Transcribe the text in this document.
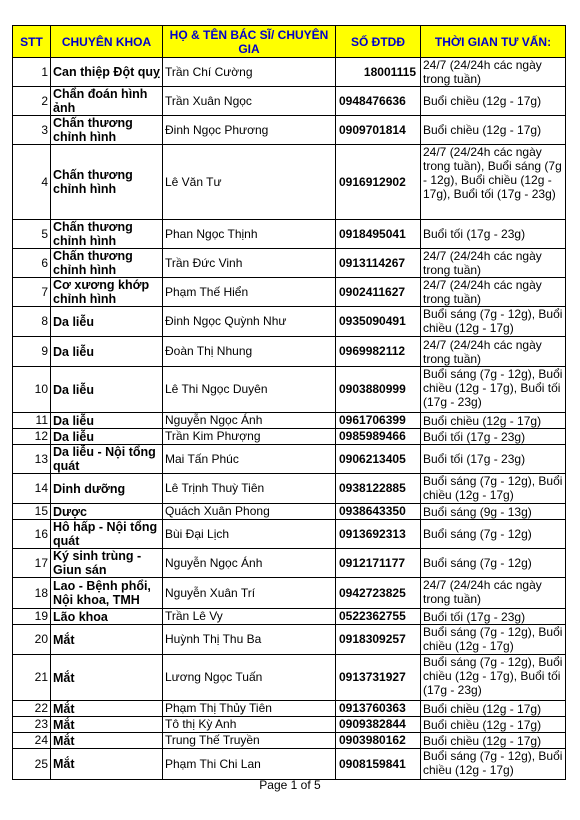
STT	CHUYÊN KHOA	HỌ & TÊN BÁC SĨ/ CHUYÊN GIA	SỐ ĐTDĐ	THỜI GIAN TƯ VẤN:
1	Can thiệp Đột quỵ	Trần Chí Cường	18001115	24/7 (24/24h các ngày trong tuần)
2	Chẩn đoán hình ảnh	Trần Xuân Ngọc	0948476636	Buổi chiều (12g - 17g)
3	Chấn thương chỉnh hình	Đinh Ngọc Phương	0909701814	Buổi chiều (12g - 17g)
4	Chấn thương chỉnh hình	Lê Văn Tư	0916912902	24/7 (24/24h các ngày trong tuần), Buổi sáng (7g - 12g), Buổi chiều (12g - 17g), Buổi tối (17g - 23g)
5	Chấn thương chỉnh hình	Phan Ngọc Thịnh	0918495041	Buổi tối (17g - 23g)
6	Chấn thương chỉnh hình	Trần Đức Vinh	0913114267	24/7 (24/24h các ngày trong tuần)
7	Cơ xương khớp chỉnh hình	Phạm Thế Hiển	0902411627	24/7 (24/24h các ngày trong tuần)
8	Da liễu	Đinh Ngọc Quỳnh Như	0935090491	Buổi sáng (7g - 12g), Buổi chiều (12g - 17g)
9	Da liễu	Đoàn Thị Nhung	0969982112	24/7 (24/24h các ngày trong tuần)
10	Da liễu	Lê Thi Ngọc Duyên	0903880999	Buổi sáng (7g - 12g), Buổi chiều (12g - 17g), Buổi tối (17g - 23g)
11	Da liễu	Nguyễn Ngọc Ánh	0961706399	Buổi chiều (12g - 17g)
12	Da liễu	Trần Kim Phượng	0985989466	Buổi tối (17g - 23g)
13	Da liễu - Nội tổng quát	Mai Tấn Phúc	0906213405	Buổi tối (17g - 23g)
14	Dinh dưỡng	Lê Trịnh Thuỳ Tiên	0938122885	Buổi sáng (7g - 12g), Buổi chiều (12g - 17g)
15	Dược	Quách Xuân Phong	0938643350	Buổi sáng (9g - 13g)
16	Hô hấp - Nội tổng quát	Bùi Đại Lịch	0913692313	Buổi sáng (7g - 12g)
17	Ký sinh trùng - Giun sán	Nguyễn Ngọc Ánh	0912171177	Buổi sáng (7g - 12g)
18	Lao - Bệnh phổi, Nội khoa, TMH	Nguyễn Xuân Trí	0942723825	24/7 (24/24h các ngày trong tuần)
19	Lão khoa	Trần Lê Vy	0522362755	Buổi tối (17g - 23g)
20	Mắt	Huỳnh Thị Thu Ba	0918309257	Buổi sáng (7g - 12g), Buổi chiều (12g - 17g)
21	Mắt	Lương Ngọc Tuấn	0913731927	Buổi sáng (7g - 12g), Buổi chiều (12g - 17g), Buổi tối (17g - 23g)
22	Mắt	Phạm Thị Thủy Tiên	0913760363	Buổi chiều (12g - 17g)
23	Mắt	Tô thị Kỳ Anh	0909382844	Buổi chiều (12g - 17g)
24	Mắt	Trung Thế Truyền	0903980162	Buổi chiều (12g - 17g)
25	Mắt	Phạm Thi Chi Lan	0908159841	Buổi sáng (7g - 12g), Buổi chiều (12g - 17g)
Page 1 of 5
